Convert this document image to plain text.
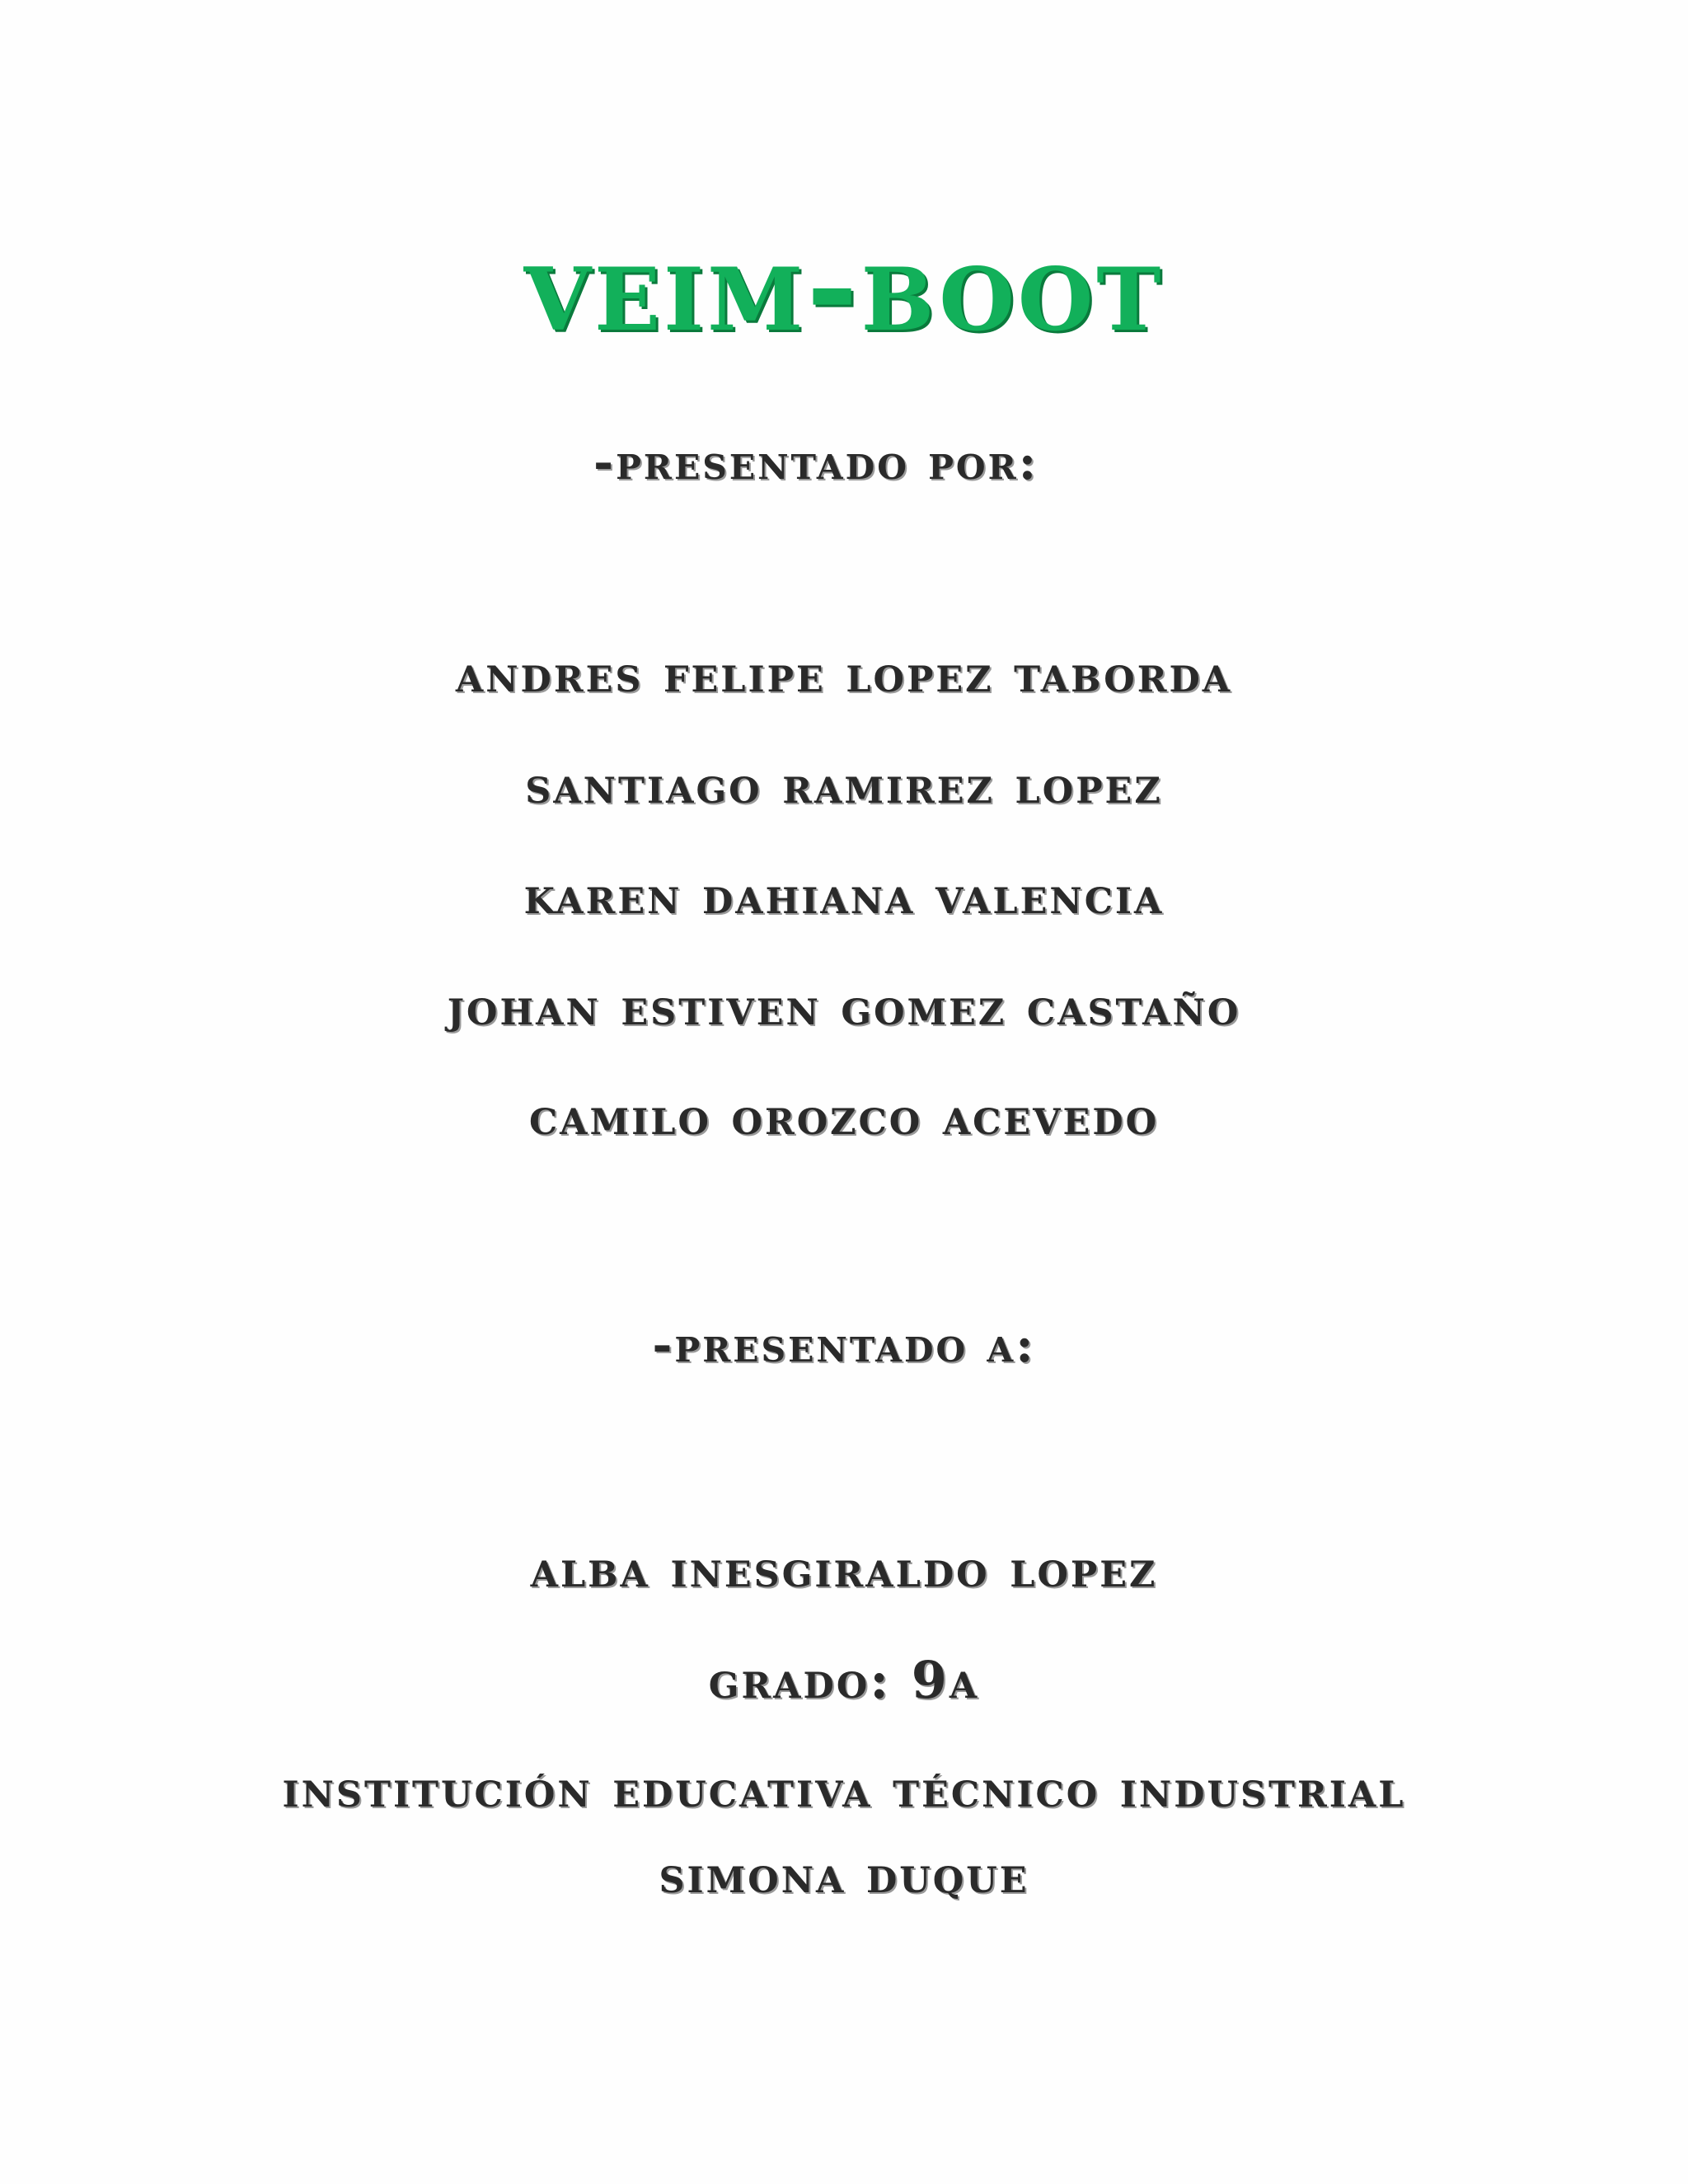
veim-boot
-presentado por:
andres felipe lopez taborda
santiago ramirez lopez
karen dahiana valencia
johan estiven gomez castaño
camilo orozco acevedo
-presentado a:
alba inesgiraldo lopez
grado: 9a
institución educativa técnico industrial
simona duque
